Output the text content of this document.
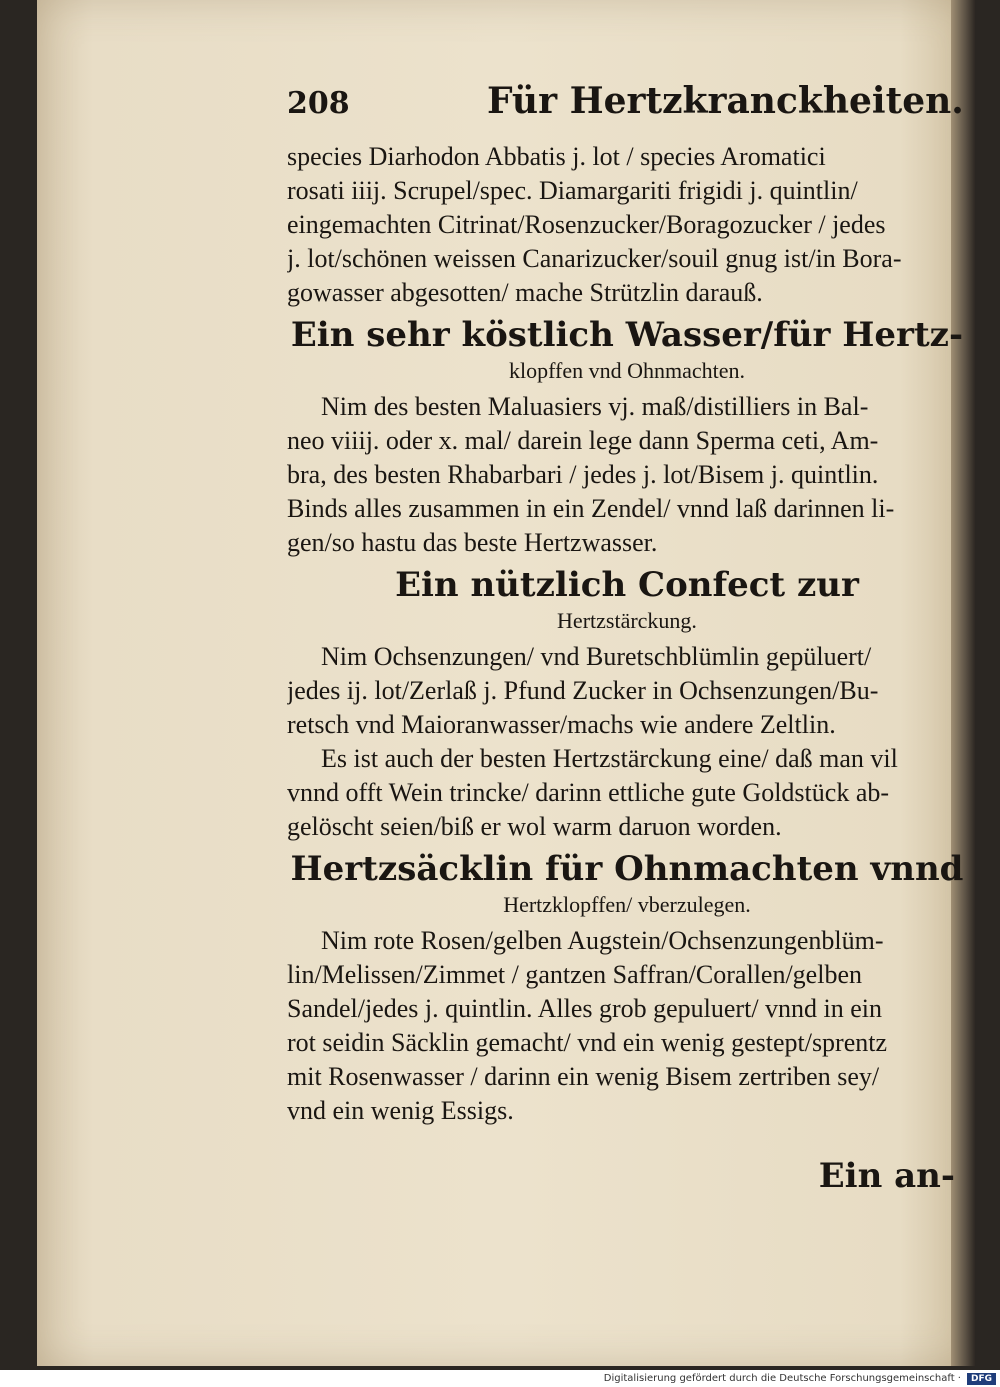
208	Für Hertzkranckheiten.
species Diarhodon Abbatis j. lot / species Aromatici
rosati iiij. Scrupel/spec. Diamargariti frigidi j. quintlin/
eingemachten Citrinat/Rosenzucker/Boragozucker / jedes
j. lot/schönen weissen Canarizucker/souil gnug ist/in Bora-
gowasser abgesotten/ mache Strützlin darauß.
Ein sehr köstlich Wasser/für Hertz-
klopffen vnd Ohnmachten.
Nim des besten Maluasiers vj. maß/distilliers in Bal-
neo viiij. oder x. mal/ darein lege dann Sperma ceti, Am-
bra, des besten Rhabarbari / jedes j. lot/Bisem j. quintlin.
Binds alles zusammen in ein Zendel/ vnnd laß darinnen li-
gen/so hastu das beste Hertzwasser.
Ein nützlich Confect zur
Hertzstärckung.
Nim Ochsenzungen/ vnd Buretschblümlin gepüluert/
jedes ij. lot/Zerlaß j. Pfund Zucker in Ochsenzungen/Bu-
retsch vnd Maioranwasser/machs wie andere Zeltlin.
Es ist auch der besten Hertzstärckung eine/ daß man vil
vnnd offt Wein trincke/ darinn ettliche gute Goldstück ab-
gelöscht seien/biß er wol warm daruon worden.
Hertzsäcklin für Ohnmachten vnnd
Hertzklopffen/ vberzulegen.
Nim rote Rosen/gelben Augstein/Ochsenzungenblüm-
lin/Melissen/Zimmet / gantzen Saffran/Corallen/gelben
Sandel/jedes j. quintlin. Alles grob gepuluert/ vnnd in ein
rot seidin Säcklin gemacht/ vnd ein wenig gestept/sprentz
mit Rosenwasser / darinn ein wenig Bisem zertriben sey/
vnd ein wenig Essigs.
Ein an-
Digitalisierung gefördert durch die Deutsche Forschungsgemeinschaft ·	DFG
